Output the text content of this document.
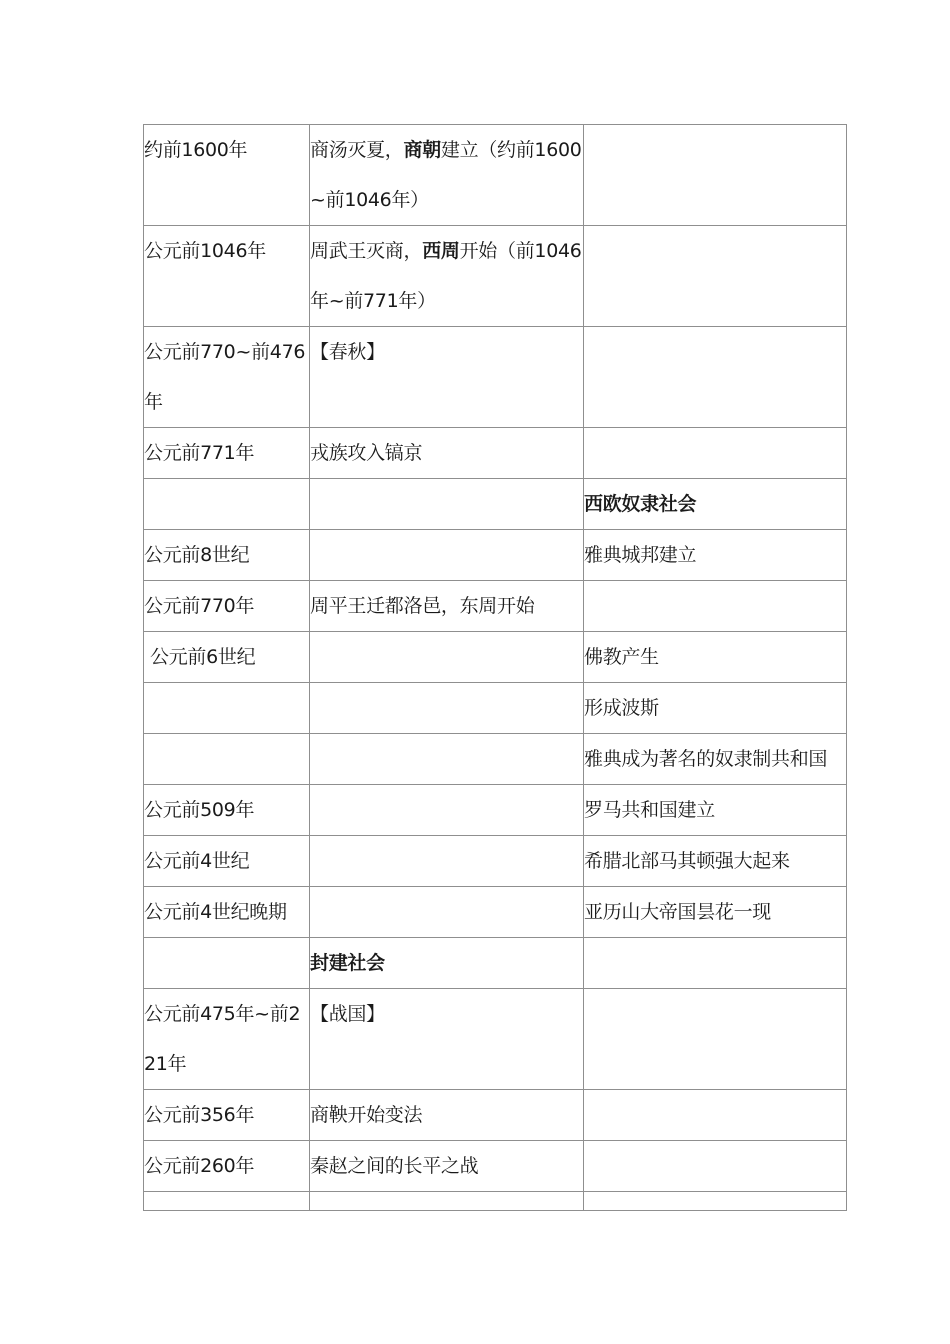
约前1600年	商汤灭夏，商朝建立（约前1600~前1046年）	
公元前1046年	周武王灭商，西周开始（前1046年~前771年）	
公元前770~前476年	【春秋】	
公元前771年	戎族攻入镐京	
		西欧奴隶社会
公元前8世纪		雅典城邦建立
公元前770年	周平王迁都洛邑，东周开始	
公元前6世纪		佛教产生
		形成波斯
		雅典成为著名的奴隶制共和国
公元前509年		罗马共和国建立
公元前4世纪		希腊北部马其顿强大起来
公元前4世纪晚期		亚历山大帝国昙花一现
	封建社会	
公元前475年~前221年	【战国】	
公元前356年	商鞅开始变法	
公元前260年	秦赵之间的长平之战	
